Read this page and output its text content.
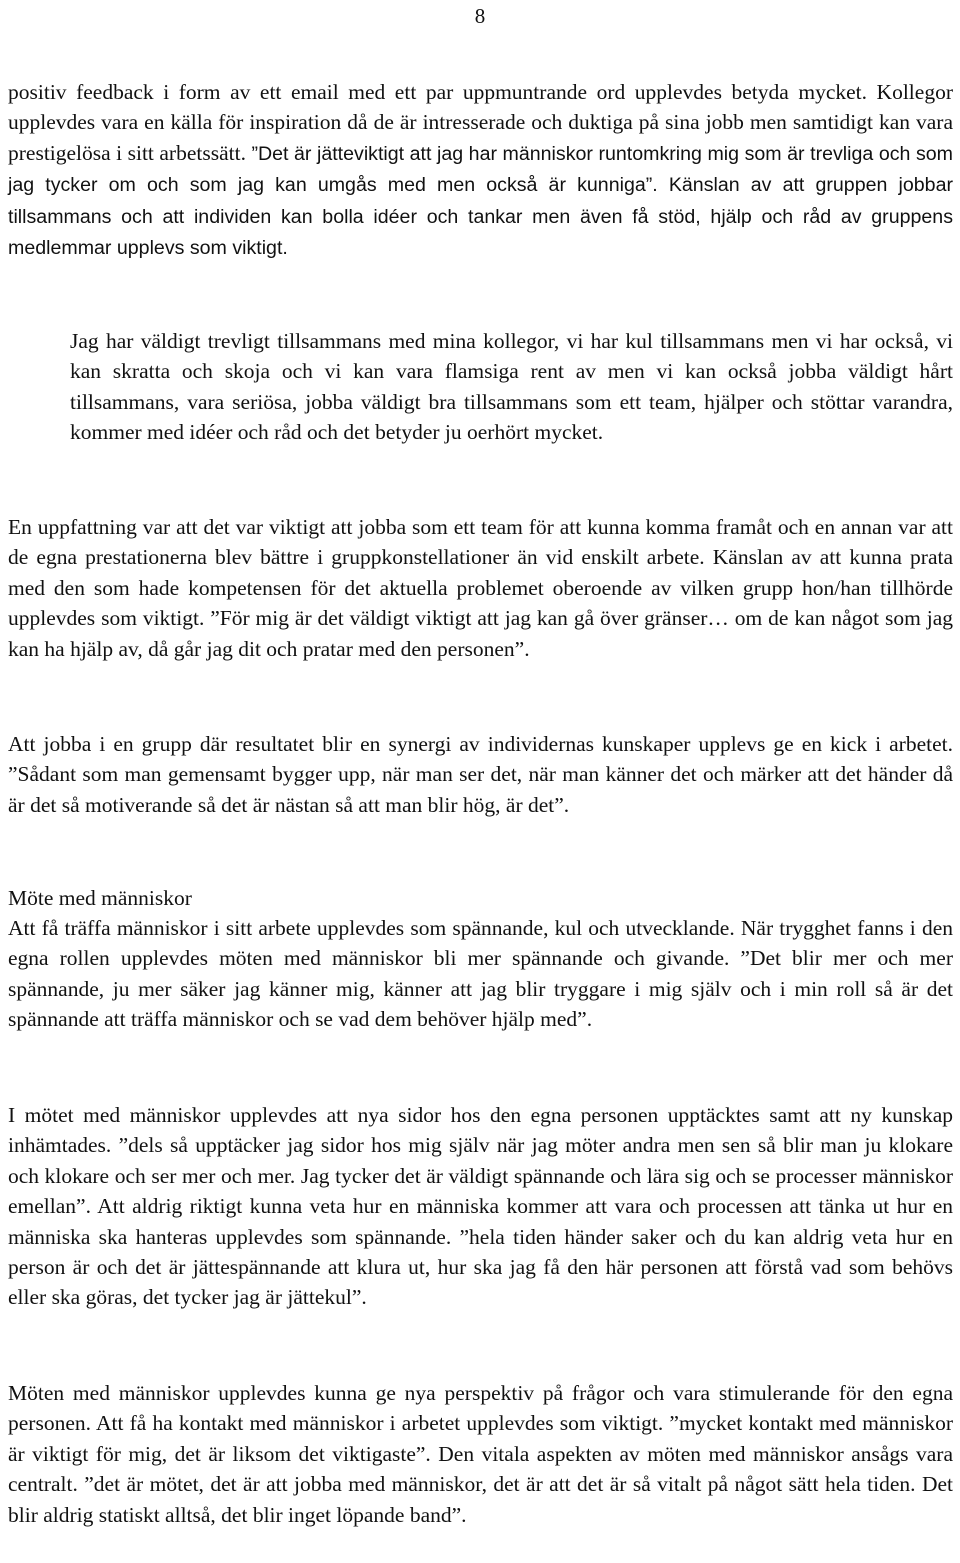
8

positiv feedback i form av ett email med ett par uppmuntrande ord upplevdes betyda mycket. Kollegor upplevdes vara en källa för inspiration då de är intresserade och duktiga på sina jobb men samtidigt kan vara prestigelösa i sitt arbetssätt. ”Det är jätteviktigt att jag har människor runtomkring mig som är trevliga och som jag tycker om och som jag kan umgås med men också är kunniga”. Känslan av att gruppen jobbar tillsammans och att individen kan bolla idéer och tankar men även få stöd, hjälp och råd av gruppens medlemmar upplevs som viktigt.

Jag har väldigt trevligt tillsammans med mina kollegor, vi har kul tillsammans men vi har också, vi kan skratta och skoja och vi kan vara flamsiga rent av men vi kan också jobba väldigt hårt tillsammans, vara seriösa, jobba väldigt bra tillsammans som ett team, hjälper och stöttar varandra, kommer med idéer och råd och det betyder ju oerhört mycket.

En uppfattning var att det var viktigt att jobba som ett team för att kunna komma framåt och en annan var att de egna prestationerna blev bättre i gruppkonstellationer än vid enskilt arbete. Känslan av att kunna prata med den som hade kompetensen för det aktuella problemet oberoende av vilken grupp hon/han tillhörde upplevdes som viktigt. ”För mig är det väldigt viktigt att jag kan gå över gränser… om de kan något som jag kan ha hjälp av, då går jag dit och pratar med den personen”.

Att jobba i en grupp där resultatet blir en synergi av individernas kunskaper upplevs ge en kick i arbetet. ”Sådant som man gemensamt bygger upp, när man ser det, när man känner det och märker att det händer då är det så motiverande så det är nästan så att man blir hög, är det”.

Möte med människor

Att få träffa människor i sitt arbete upplevdes som spännande, kul och utvecklande. När trygghet fanns i den egna rollen upplevdes möten med människor bli mer spännande och givande. ”Det blir mer och mer spännande, ju mer säker jag känner mig, känner att jag blir tryggare i mig själv och i min roll så är det spännande att träffa människor och se vad dem behöver hjälp med”.

I mötet med människor upplevdes att nya sidor hos den egna personen upptäcktes samt att ny kunskap inhämtades. ”dels så upptäcker jag sidor hos mig själv när jag möter andra men sen så blir man ju klokare och klokare och ser mer och mer. Jag tycker det är väldigt spännande och lära sig och se processer människor emellan”. Att aldrig riktigt kunna veta hur en människa kommer att vara och processen att tänka ut hur en människa ska hanteras upplevdes som spännande. ”hela tiden händer saker och du kan aldrig veta hur en person är och det är jättespännande att klura ut, hur ska jag få den här personen att förstå vad som behövs eller ska göras, det tycker jag är jättekul”.

Möten med människor upplevdes kunna ge nya perspektiv på frågor och vara stimulerande för den egna personen. Att få ha kontakt med människor i arbetet upplevdes som viktigt. ”mycket kontakt med människor är viktigt för mig, det är liksom det viktigaste”. Den vitala aspekten av möten med människor ansågs vara centralt. ”det är mötet, det är att jobba med människor, det är att det är så vitalt på något sätt hela tiden. Det blir aldrig statiskt alltså, det blir inget löpande band”.
